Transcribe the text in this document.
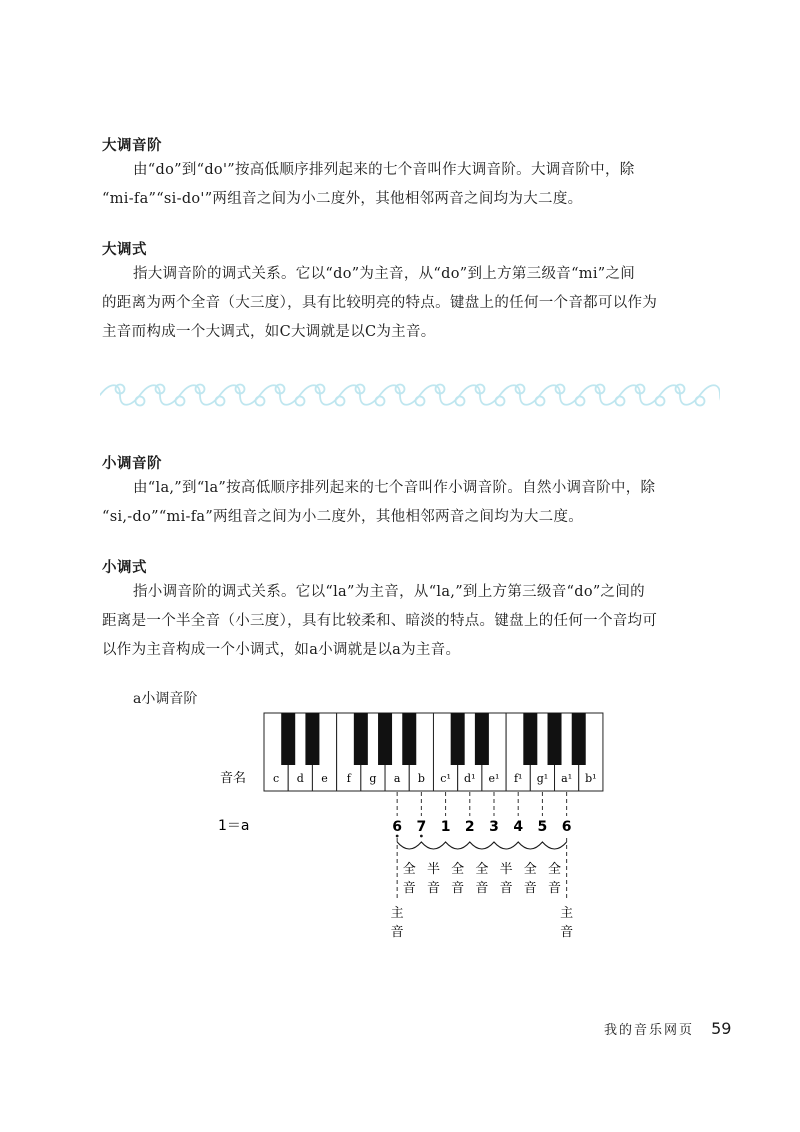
大调音阶

由“do”到“do'”按高低顺序排列起来的七个音叫作大调音阶。大调音阶中，除
“mi-fa”“si-do'”两组音之间为小二度外，其他相邻两音之间均为大二度。

大调式

指大调音阶的调式关系。它以“do”为主音，从“do”到上方第三级音“mi”之间
的距离为两个全音（大三度），具有比较明亮的特点。键盘上的任何一个音都可以作为
主音而构成一个大调式，如C大调就是以C为主音。

小调音阶

由“la,”到“la”按高低顺序排列起来的七个音叫作小调音阶。自然小调音阶中，除
“si,-do”“mi-fa”两组音之间为小二度外，其他相邻两音之间均为大二度。

小调式

指小调音阶的调式关系。它以“la”为主音，从“la,”到上方第三级音“do”之间的
距离是一个半全音（小三度），具有比较柔和、暗淡的特点。键盘上的任何一个音均可
以作为主音构成一个小调式，如a小调就是以a为主音。

a小调音阶
c d e f g a b c¹ d¹ e¹ f¹ g¹ a¹ b¹
音名
1＝a	6 7 1 2 3 4 5 6
全
音
半
音
全
音
全
音
半
音
全
音
全
音
主
音
主
音
我的音乐网页 59
